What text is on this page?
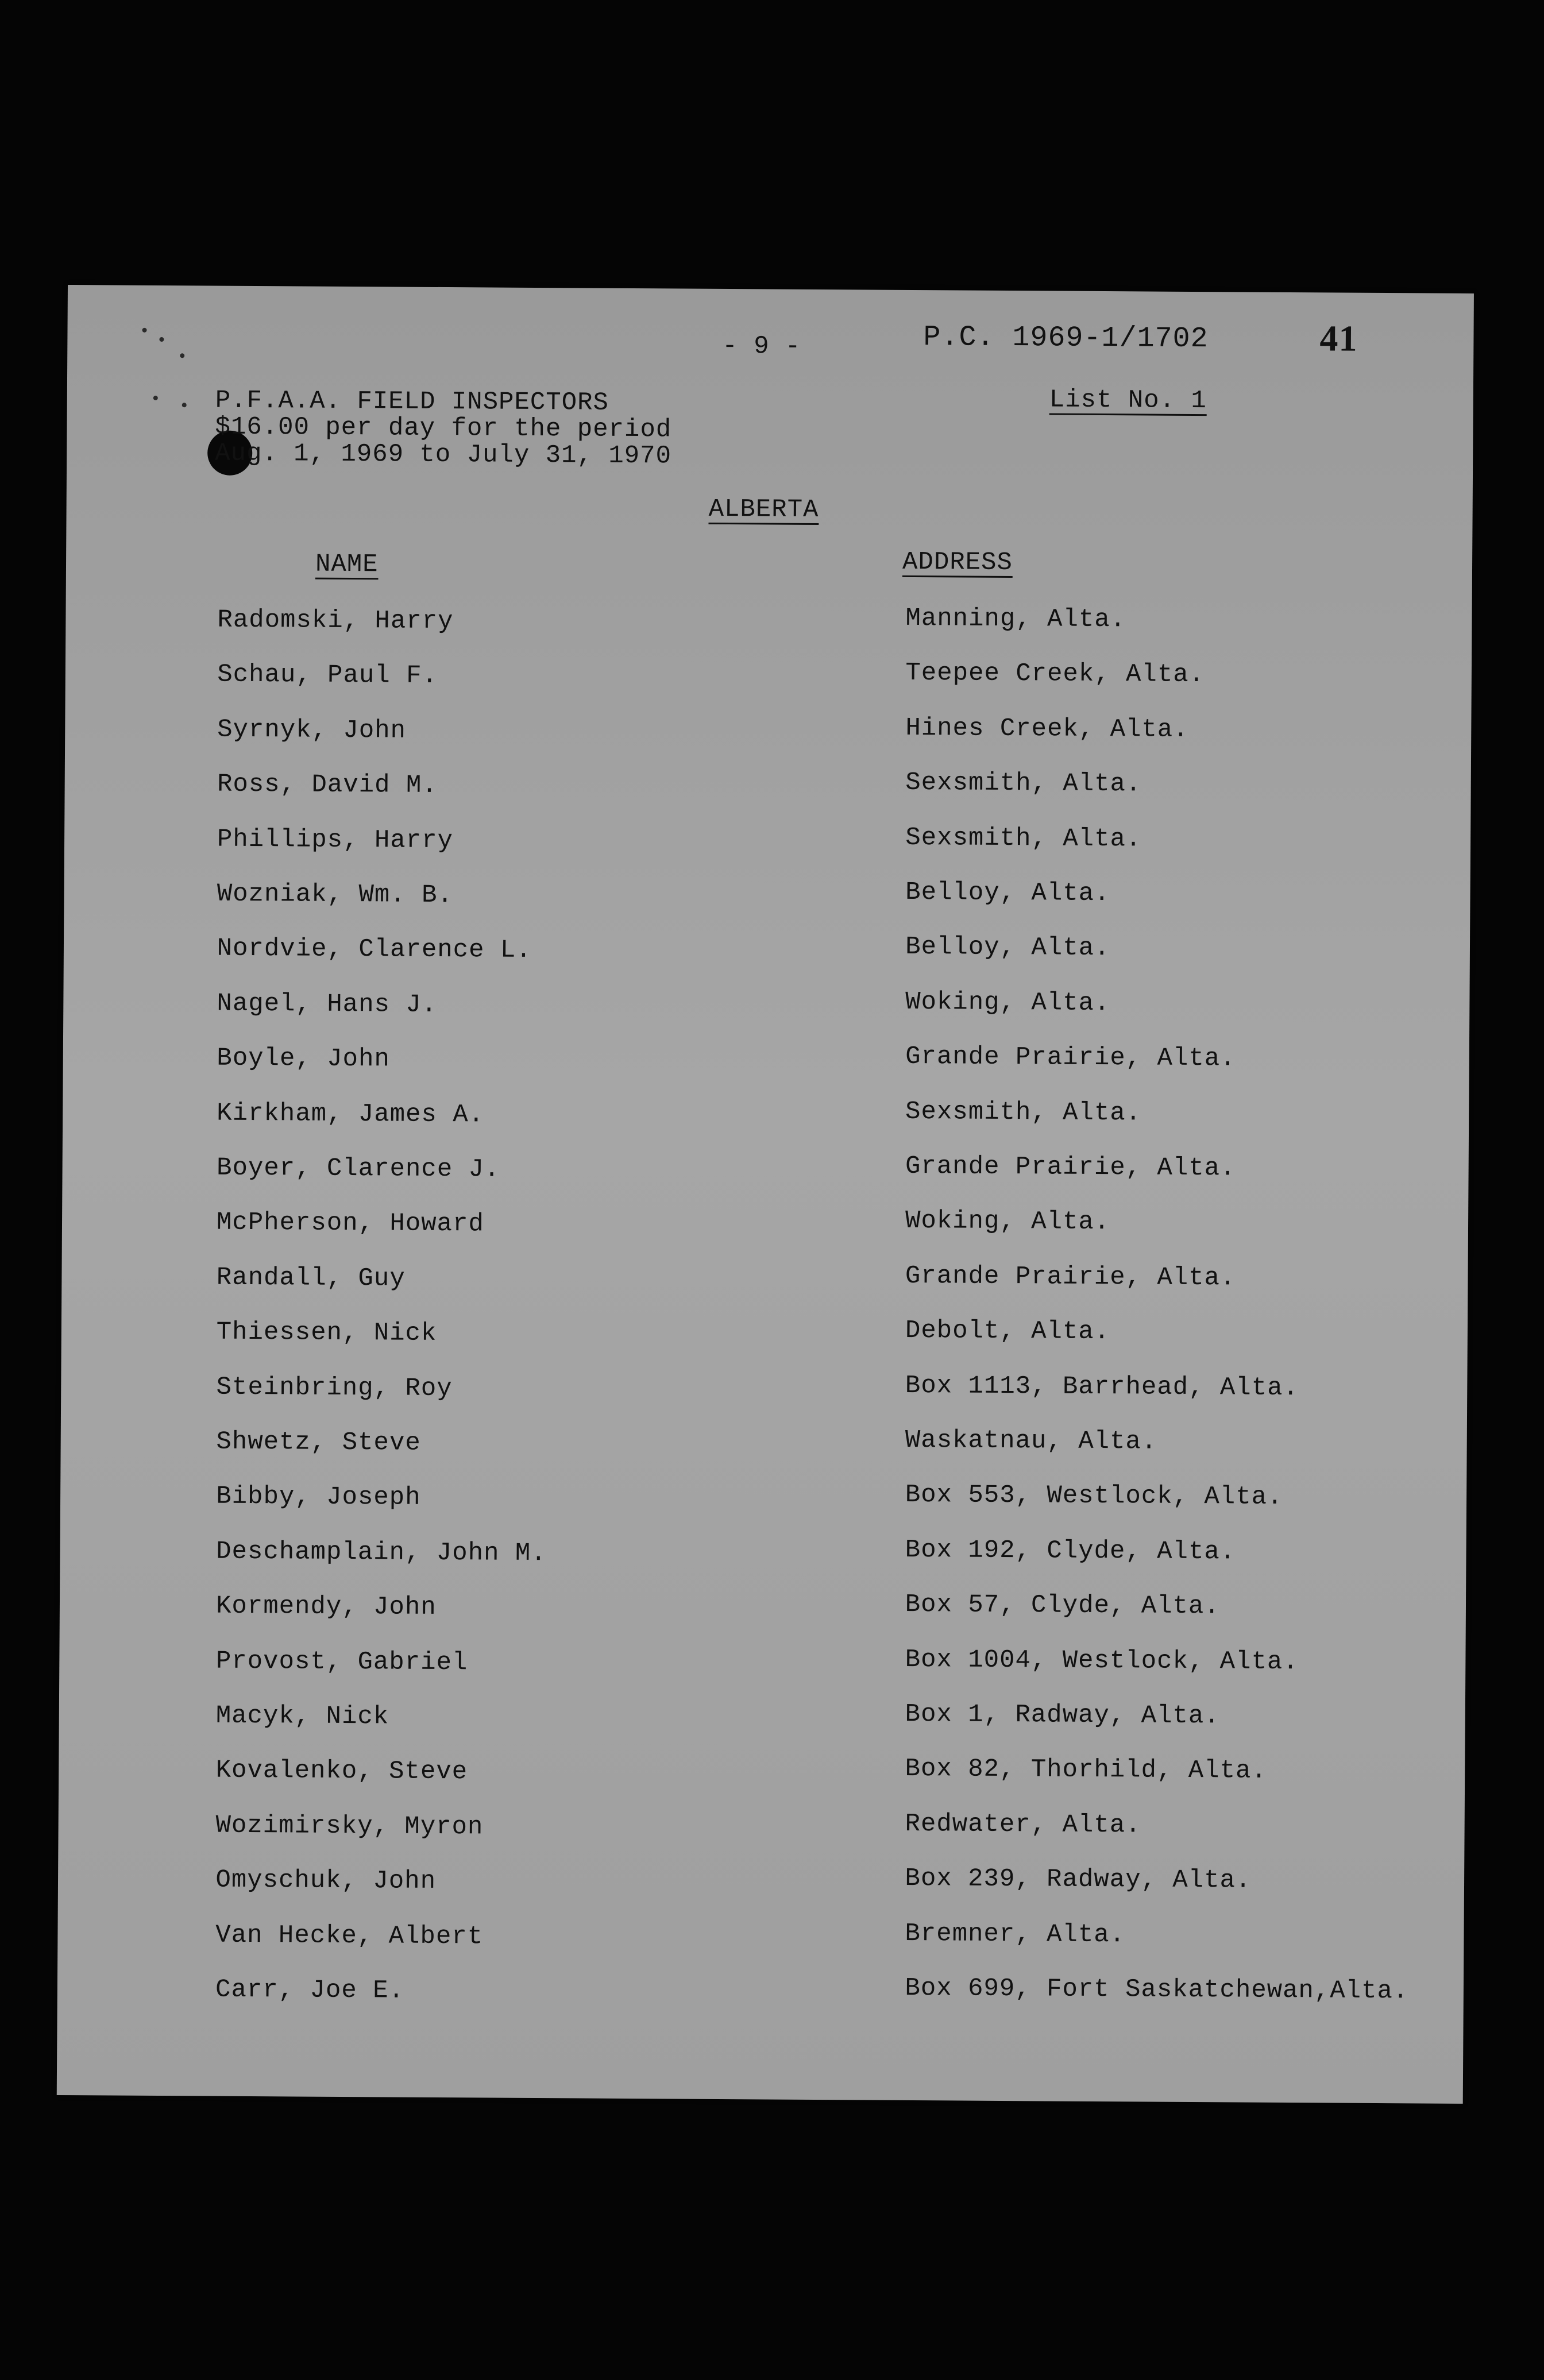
- 9 -	P.C. 1969-1/1702	41
P.F.A.A. FIELD INSPECTORS
$16.00 per day for the period
Aug. 1, 1969 to July 31, 1970
List No. 1
ALBERTA
NAME	ADDRESS
Radomski, Harry	Manning, Alta.
Schau, Paul F.	Teepee Creek, Alta.
Syrnyk, John	Hines Creek, Alta.
Ross, David M.	Sexsmith, Alta.
Phillips, Harry	Sexsmith, Alta.
Wozniak, Wm. B.	Belloy, Alta.
Nordvie, Clarence L.	Belloy, Alta.
Nagel, Hans J.	Woking, Alta.
Boyle, John	Grande Prairie, Alta.
Kirkham, James A.	Sexsmith, Alta.
Boyer, Clarence J.	Grande Prairie, Alta.
McPherson, Howard	Woking, Alta.
Randall, Guy	Grande Prairie, Alta.
Thiessen, Nick	Debolt, Alta.
Steinbring, Roy	Box 1113, Barrhead, Alta.
Shwetz, Steve	Waskatnau, Alta.
Bibby, Joseph	Box 553, Westlock, Alta.
Deschamplain, John M.	Box 192, Clyde, Alta.
Kormendy, John	Box 57, Clyde, Alta.
Provost, Gabriel	Box 1004, Westlock, Alta.
Macyk, Nick	Box 1, Radway, Alta.
Kovalenko, Steve	Box 82, Thorhild, Alta.
Wozimirsky, Myron	Redwater, Alta.
Omyschuk, John	Box 239, Radway, Alta.
Van Hecke, Albert	Bremner, Alta.
Carr, Joe E.	Box 699, Fort Saskatchewan,Alta.
